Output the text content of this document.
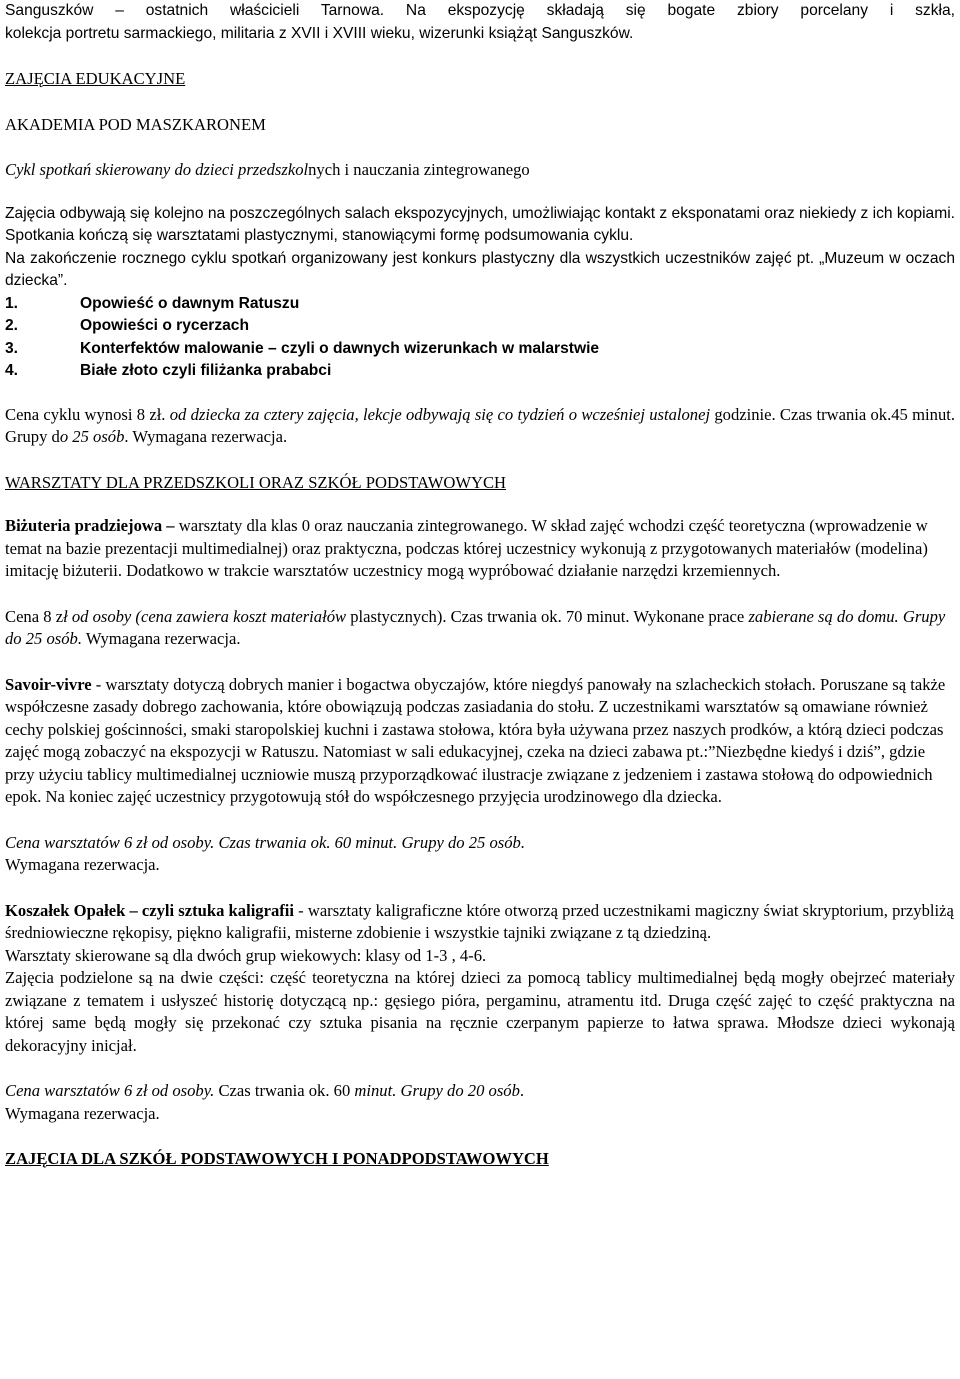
Sanguszków – ostatnich właścicieli Tarnowa. Na ekspozycję składają się bogate zbiory porcelany i szkła,

kolekcja portretu sarmackiego, militaria z XVII i XVIII wieku, wizerunki książąt Sanguszków.

ZAJĘCIA EDUKACYJNE

AKADEMIA POD MASZKARONEM

Cykl spotkań skierowany do dzieci przedszkolnych i nauczania zintegrowanego

Zajęcia odbywają się kolejno na poszczególnych salach ekspozycyjnych, umożliwiając kontakt z eksponatami oraz niekiedy z ich kopiami. Spotkania kończą się warsztatami plastycznymi, stanowiącymi formę podsumowania cyklu.

Na zakończenie rocznego cyklu spotkań organizowany jest konkurs plastyczny dla wszystkich uczestników zajęć pt. „Muzeum w oczach dziecka”.

1.	Opowieść o dawnym Ratuszu
2.	Opowieści o rycerzach
3.	Konterfektów malowanie – czyli o dawnych wizerunkach w malarstwie
4.	Białe złoto czyli filiżanka prababci

Cena cyklu wynosi 8 zł. od dziecka za cztery zajęcia, lekcje odbywają się co tydzień o wcześniej ustalonej godzinie. Czas trwania ok.45 minut. Grupy do 25 osób. Wymagana rezerwacja.

WARSZTATY DLA PRZEDSZKOLI ORAZ SZKÓŁ PODSTAWOWYCH

Biżuteria pradziejowa – warsztaty dla klas 0 oraz nauczania zintegrowanego. W skład zajęć wchodzi część teoretyczna (wprowadzenie w temat na bazie prezentacji multimedialnej) oraz praktyczna, podczas której uczestnicy wykonują z przygotowanych materiałów (modelina) imitację biżuterii. Dodatkowo w trakcie warsztatów uczestnicy mogą wypróbować działanie narzędzi krzemiennych.

Cena 8 zł od osoby (cena zawiera koszt materiałów plastycznych). Czas trwania ok. 70 minut. Wykonane prace zabierane są do domu. Grupy do 25 osób. Wymagana rezerwacja.

Savoir-vivre - warsztaty dotyczą dobrych manier i bogactwa obyczajów, które niegdyś panowały na szlacheckich stołach. Poruszane są także współczesne zasady dobrego zachowania, które obowiązują podczas zasiadania do stołu. Z uczestnikami warsztatów są omawiane również cechy polskiej gościnności, smaki staropolskiej kuchni i zastawa stołowa, która była używana przez naszych prodków, a którą dzieci podczas zajęć mogą zobaczyć na ekspozycji w Ratuszu. Natomiast w sali edukacyjnej, czeka na dzieci zabawa pt.:”Niezbędne kiedyś i dziś”, gdzie przy użyciu tablicy multimedialnej uczniowie muszą przyporządkować ilustracje związane z jedzeniem i zastawa stołową do odpowiednich epok. Na koniec zajęć uczestnicy przygotowują stół do współczesnego przyjęcia urodzinowego dla dziecka.

Cena warsztatów 6 zł od osoby. Czas trwania ok. 60 minut. Grupy do 25 osób.

Wymagana rezerwacja.

Koszałek Opałek – czyli sztuka kaligrafii - warsztaty kaligraficzne które otworzą przed uczestnikami magiczny świat skryptorium, przybliżą średniowieczne rękopisy, piękno kaligrafii, misterne zdobienie i wszystkie tajniki związane z tą dziedziną.

Warsztaty skierowane są dla dwóch grup wiekowych: klasy od 1-3 , 4-6.

Zajęcia podzielone są na dwie części: część teoretyczna na której dzieci za pomocą tablicy multimedialnej będą mogły obejrzeć materiały związane z tematem i usłyszeć historię dotyczącą np.: gęsiego pióra, pergaminu, atramentu itd. Druga część zajęć to część praktyczna na której same będą mogły się przekonać czy sztuka pisania na ręcznie czerpanym papierze to łatwa sprawa. Młodsze dzieci wykonają dekoracyjny inicjał.

Cena warsztatów 6 zł od osoby. Czas trwania ok. 60 minut. Grupy do 20 osób.

Wymagana rezerwacja.

ZAJĘCIA DLA SZKÓŁ PODSTAWOWYCH I PONADPODSTAWOWYCH
